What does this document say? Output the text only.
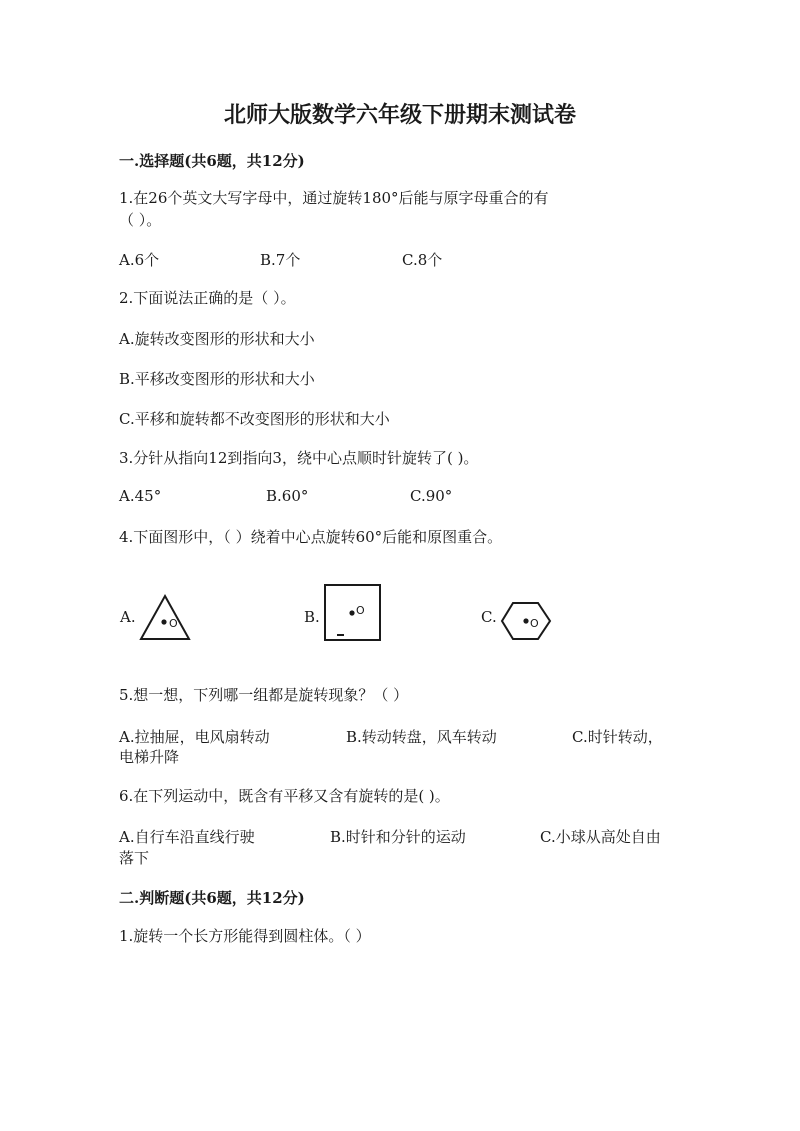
北师大版数学六年级下册期末测试卷
一.选择题(共6题，共12分)
1.在26个英文大写字母中，通过旋转180°后能与原字母重合的有
（ ）。
A.6个	B.7个	C.8个
2.下面说法正确的是（ ）。
A.旋转改变图形的形状和大小
B.平移改变图形的形状和大小
C.平移和旋转都不改变图形的形状和大小
3.分针从指向12到指向3，绕中心点顺时针旋转了( )。
A.45°	B.60°	C.90°
4.下面图形中，（ ）绕着中心点旋转60°后能和原图重合。
A.	B.	C.
O
O
O
5.想一想，下列哪一组都是旋转现象？（ ）
A.拉抽屉，电风扇转动	B.转动转盘，风车转动	C.时针转动，
电梯升降
6.在下列运动中，既含有平移又含有旋转的是( )。
A.自行车沿直线行驶	B.时针和分针的运动	C.小球从高处自由
落下
二.判断题(共6题，共12分)
1.旋转一个长方形能得到圆柱体。（ ）
